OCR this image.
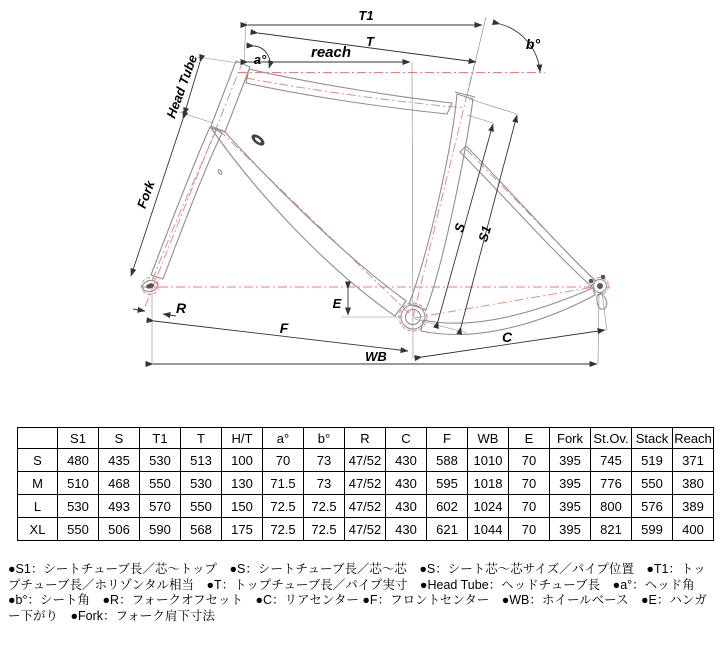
T1
T
reach
a°
b°
Head Tube
Fork
S S1
R	E
F
WB
C
	S1	S	T1	T	H/T	a°	b°	R	C	F	WB	E	Fork	St.Ov.	Stack	Reach
S	480	435	530	513	100	70	73	47/52	430	588	1010	70	395	745	519	371
M	510	468	550	530	130	71.5	73	47/52	430	595	1018	70	395	776	550	380
L	530	493	570	550	150	72.5	72.5	47/52	430	602	1024	70	395	800	576	389
XL	550	506	590	568	175	72.5	72.5	47/52	430	621	1044	70	395	821	599	400
●S1：シートチューブ長／芯〜トップ　●S：シートチューブ長／芯〜芯　●S：シート芯〜芯サイズ／パイプ位置　●T1：トップチューブ長／ホリゾンタル相当　●T：トップチューブ長／パイプ実寸　●Head Tube：ヘッドチューブ長　●a°：ヘッド角　●b°：シート角　●R：フォークオフセット　●C：リアセンター ●F：フロントセンター　●WB：ホイールベース　●E：ハンガー下がり　●Fork：フォーク肩下寸法
